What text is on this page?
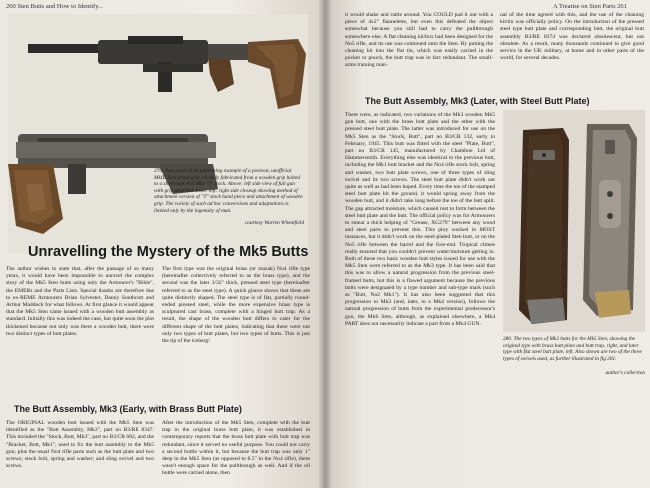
260 Sten Butts and How to Identify...
279. Two views of an interesting example of a postwar, unofficial MkIII Sten pistol grip, cleverly fabricated from a wooden grip holted to a shortened No4 MkI "T" stock. Above: left side view of full gun with grip attached. Inset: left: right side closeup showing method of attachment version of "T" stock hand piece and attachment of wooden grip. The variety of such ad hoc conversions and adaptations is limited only by the ingenuity of man.
courtesy Warren Wheatfield
Unravelling the Mystery of the Mk5 Butts
The author wishes to state that, after the passage of so many years, it would have been impossible to unravel the complex story of the Mk5 Sten butts using only the Armourer's "Bible", the EMERs and the Parts Lists. Special thanks are therefore due to ex-REME Armourers Brian Sylvester, Danny Southcott and Arthur Maddock for what follows. At first glance it would appear that the Mk5 Sten came issued with a wooden butt assembly as standard. Initially this was indeed the case, but quite soon the plot thickened because not only was there a wooden butt, there were two distinct types of butt plates.
The first type was the original brass (or mazak) No4 rifle type (hereinafter collectively referred to as the brass type), and the second was the later 3/32" thick, pressed steel type (hereinafter referred to as the steel type). A quick glance shows that these are quite distinctly shaped. The steel type is of flat, partially round-ended pressed steel, while the more expensive brass type is sculptured cast brass, complete with a hinged butt trap. As a result, the shape of the wooden butt differs to cater for the different shape of the butt plates, indicating that there were not only two types of butt plates, but two types of butts. This is just the tip of the iceberg!
The Butt Assembly, Mk3 (Early, with Brass Butt Plate)
The ORIGINAL wooden butt issued with the Mk5 Sten was identified as the "Butt Assembly, Mk3", part no B3/RE 8347. This included the "Stock, Butt, Mk3", part no B3/CR 682, and the "Bracket, Butt, Mk1", used to fix the butt assembly to the Mk5 gun; plus the usual No4 rifle parts such as the butt plate and two screws; stock bolt, spring and washer; and sling swivel and two screws.
After the introduction of the Mk5 Sten, complete with the butt trap in the original brass butt plate, it was established in contemporary reports that the brass butt plate with butt trap was redundant, since it served no useful purpose. You could not carry a second bottle within it, but because the butt trap was only 1" deep in the Mk5 Sten (as opposed to 8.5" in the No4 rifle), there wasn't enough space for the pullthrough as well. And if the oil bottle were carried alone, then
A Treatise on Sten Parts 261
it would shake and rattle around. You COULD pad it out with a piece of 4x2" flannelette, but even this defeated the object somewhat because you still had to carry the pullthrough somewhere else. A flat cleaning kit/box had been designed for the No5 rifle, and its use was continued onto the Sten. By putting the cleaning kit into the flat tin, which was easily carried in the pocket or pouch, the butt trap was in fact redundant. The small-arms training man-
ual of the time agreed with this, and the use of the cleaning kit/tin was officially policy. On the introduction of the pressed steel type butt plate and corresponding butt, the original butt assembly B3/RE 8374 was declared obsolescent, but not obsolete. As a result, many thousands continued to give good service in the UK military, at home and in other parts of the world, for several decades.
The Butt Assembly, Mk3 (Later, with Steel Butt Plate)
There were, as indicated, two variations of the Mk3 wooden Mk5 gun butt, one with the brass butt plate and the other with the pressed steel butt plate. The latter was introduced for use on the Mk5 Sten as the "Stock, Butt", part no B3/CR 132, early in February, 1945. This butt was fitted with the steel "Plate, Butt", part no B3/CR 145, manufactured by Chambon Ltd of Hammersmith. Everything else was identical to the previous butt, including the Mk1 butt bracket and the No4 rifle stock bolt, spring and washer, two butt plate screws, one of three types of sling swivel and its two screws. The steel butt plate didn't work out quite as well as had been hoped. Every time the toe of the stamped steel butt plate hit the ground, it would spring away from the wooden butt, and it didn't take long before the toe of the butt split. The gap attracted moisture, which caused rust to form between the steel butt plate and the butt. The official policy was for Armourers to smear a thick helping of "Grease, XG279" between any wood and steel parts to prevent this. This ploy worked in MOST instances, but it didn't work on the steel-plated Sten butt, or on the No5 rifle between the barrel and the fore-end. Tropical climes really ensured that you couldn't prevent water/moisture getting in. Both of these two basic wooden butt styles issued for use with the Mk5 Sten were referred to as the Mk3 type. It has been said that this was to allow a natural progression from the previous steel-framed butts, but this is a flawed argument because the previous butts were designated by a type number and sub-type mark (such as "Butt, No2 Mk1"). It has also been suggested that this progression to Mk3 (and, later, to a Mk4 version), follows the natural progression of butts from the experimental predecessor's gun, the Mk6 Sten, although, as explained elsewhere, a Mk4 PART does not necessarily indicate a part from a Mk4 GUN.
280. The two types of Mk3 butts for the Mk5 Sten, showing the original type with brass butt plate and butt trap, right, and later type with flat steel butt plate, left. Also shown are two of the three types of swivels used, as further illustrated in fig 281.
author's collection
